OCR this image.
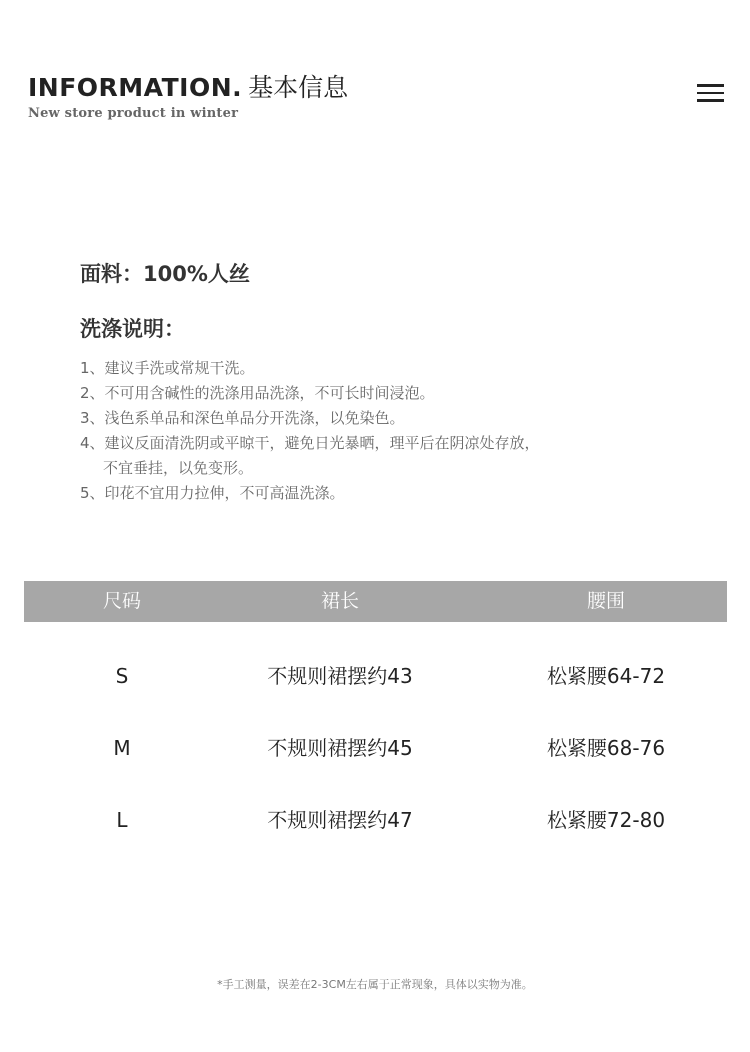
INFORMATION. 基本信息
New store product in winter
面料：100%人丝
洗涤说明：
1、建议手洗或常规干洗。
2、不可用含碱性的洗涤用品洗涤，不可长时间浸泡。
3、浅色系单品和深色单品分开洗涤，以免染色。
4、建议反面清洗阴或平晾干，避免日光暴晒，理平后在阴凉处存放，
不宜垂挂，以免变形。
5、印花不宜用力拉伸，不可高温洗涤。
尺码	裙长	腰围
S	不规则裙摆约43	松紧腰64-72
M	不规则裙摆约45	松紧腰68-76
L	不规则裙摆约47	松紧腰72-80
*手工测量，误差在2-3CM左右属于正常现象，具体以实物为准。
